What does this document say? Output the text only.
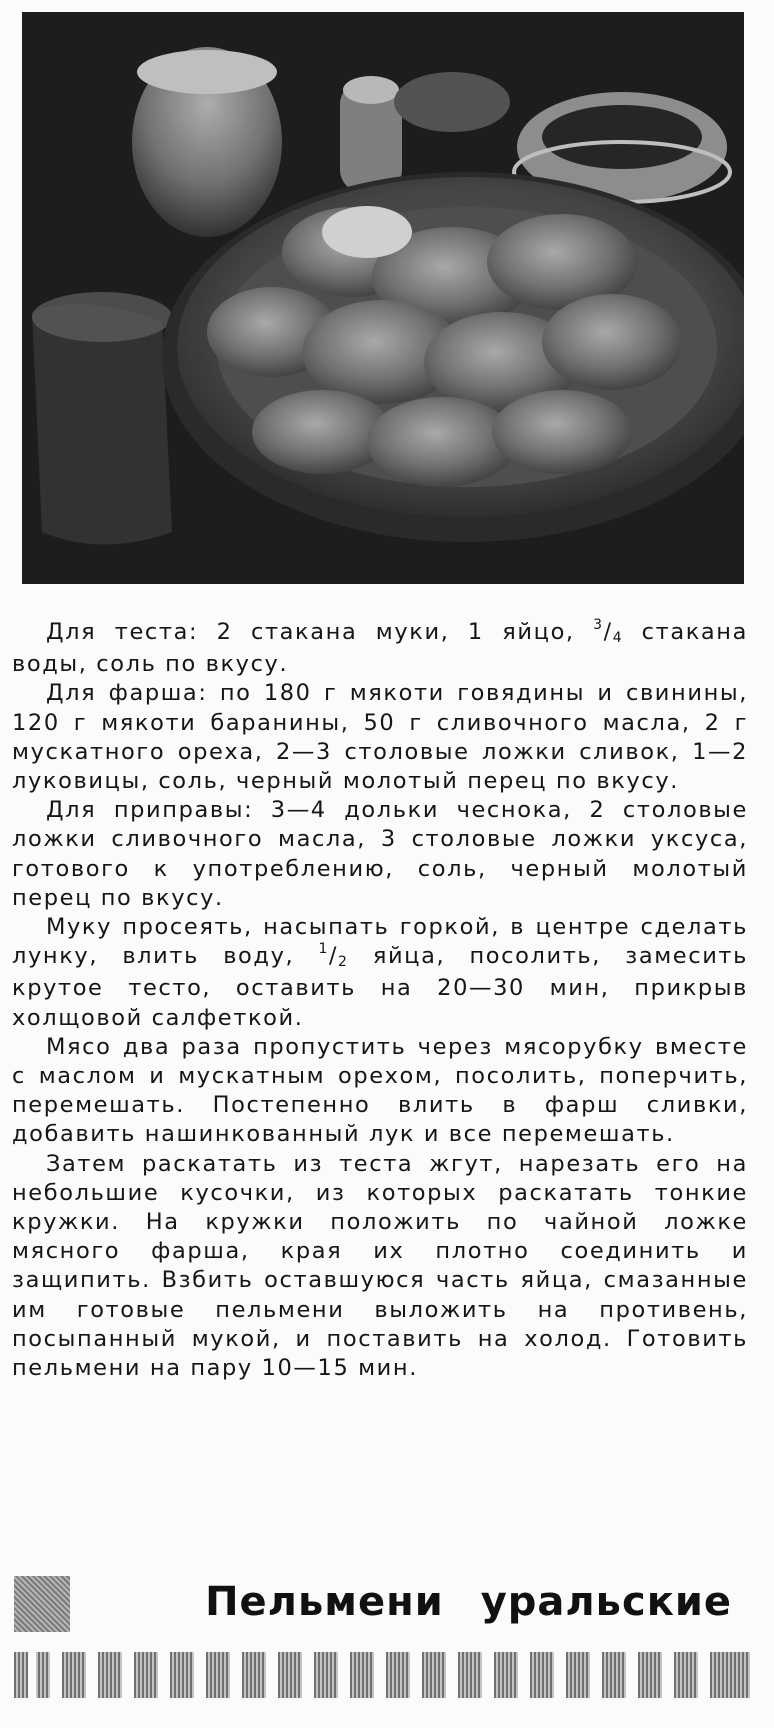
Для теста: 2 стакана муки, 1 яйцо, 3/4 стакана воды, соль по вкусу.

Для фарша: по 180 г мякоти говядины и свинины, 120 г мякоти баранины, 50 г сливочного масла, 2 г мускатного ореха, 2—3 столовые ложки сливок, 1—2 луковицы, соль, черный молотый перец по вкусу.

Для приправы: 3—4 дольки чеснока, 2 столовые ложки сливочного масла, 3 столовые ложки уксуса, готового к употреблению, соль, черный молотый перец по вкусу.

Муку просеять, насыпать горкой, в центре сделать лунку, влить воду, 1/2 яйца, посолить, замесить крутое тесто, оставить на 20—30 мин, прикрыв холщовой салфеткой.

Мясо два раза пропустить через мясорубку вместе с маслом и мускатным орехом, посолить, поперчить, перемешать. Постепенно влить в фарш сливки, добавить нашинкованный лук и все перемешать.

Затем раскатать из теста жгут, нарезать его на небольшие кусочки, из которых раскатать тонкие кружки. На кружки положить по чайной ложке мясного фарша, края их плотно соединить и защипить. Взбить оставшуюся часть яйца, смазанные им готовые пельмени выложить на противень, посыпанный мукой, и поставить на холод. Готовить пельмени на пару 10—15 мин.

Пельмени уральские
